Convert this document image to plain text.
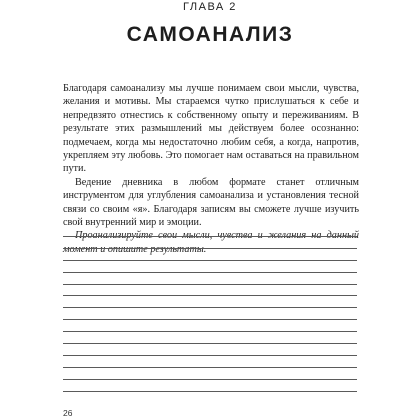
ГЛАВА 2
САМОАНАЛИЗ

Благодаря самоанализу мы лучше понимаем свои мысли, чувства, желания и мотивы. Мы стараемся чутко прислушаться к себе и непредвзято отнестись к собственному опыту и переживаниям. В результате этих размышлений мы действуем более осознанно: подмечаем, когда мы недостаточно любим себя, а когда, напротив, укрепляем эту любовь. Это помогает нам оставаться на правильном пути.

Ведение дневника в любом формате станет отличным инструментом для углубления самоанализа и установления тесной связи со своим «я». Благодаря записям вы сможете лучше изучить свой внутренний мир и эмоции.

Проанализируйте свои мысли, чувства и желания на данный момент и опишите результаты.

26
